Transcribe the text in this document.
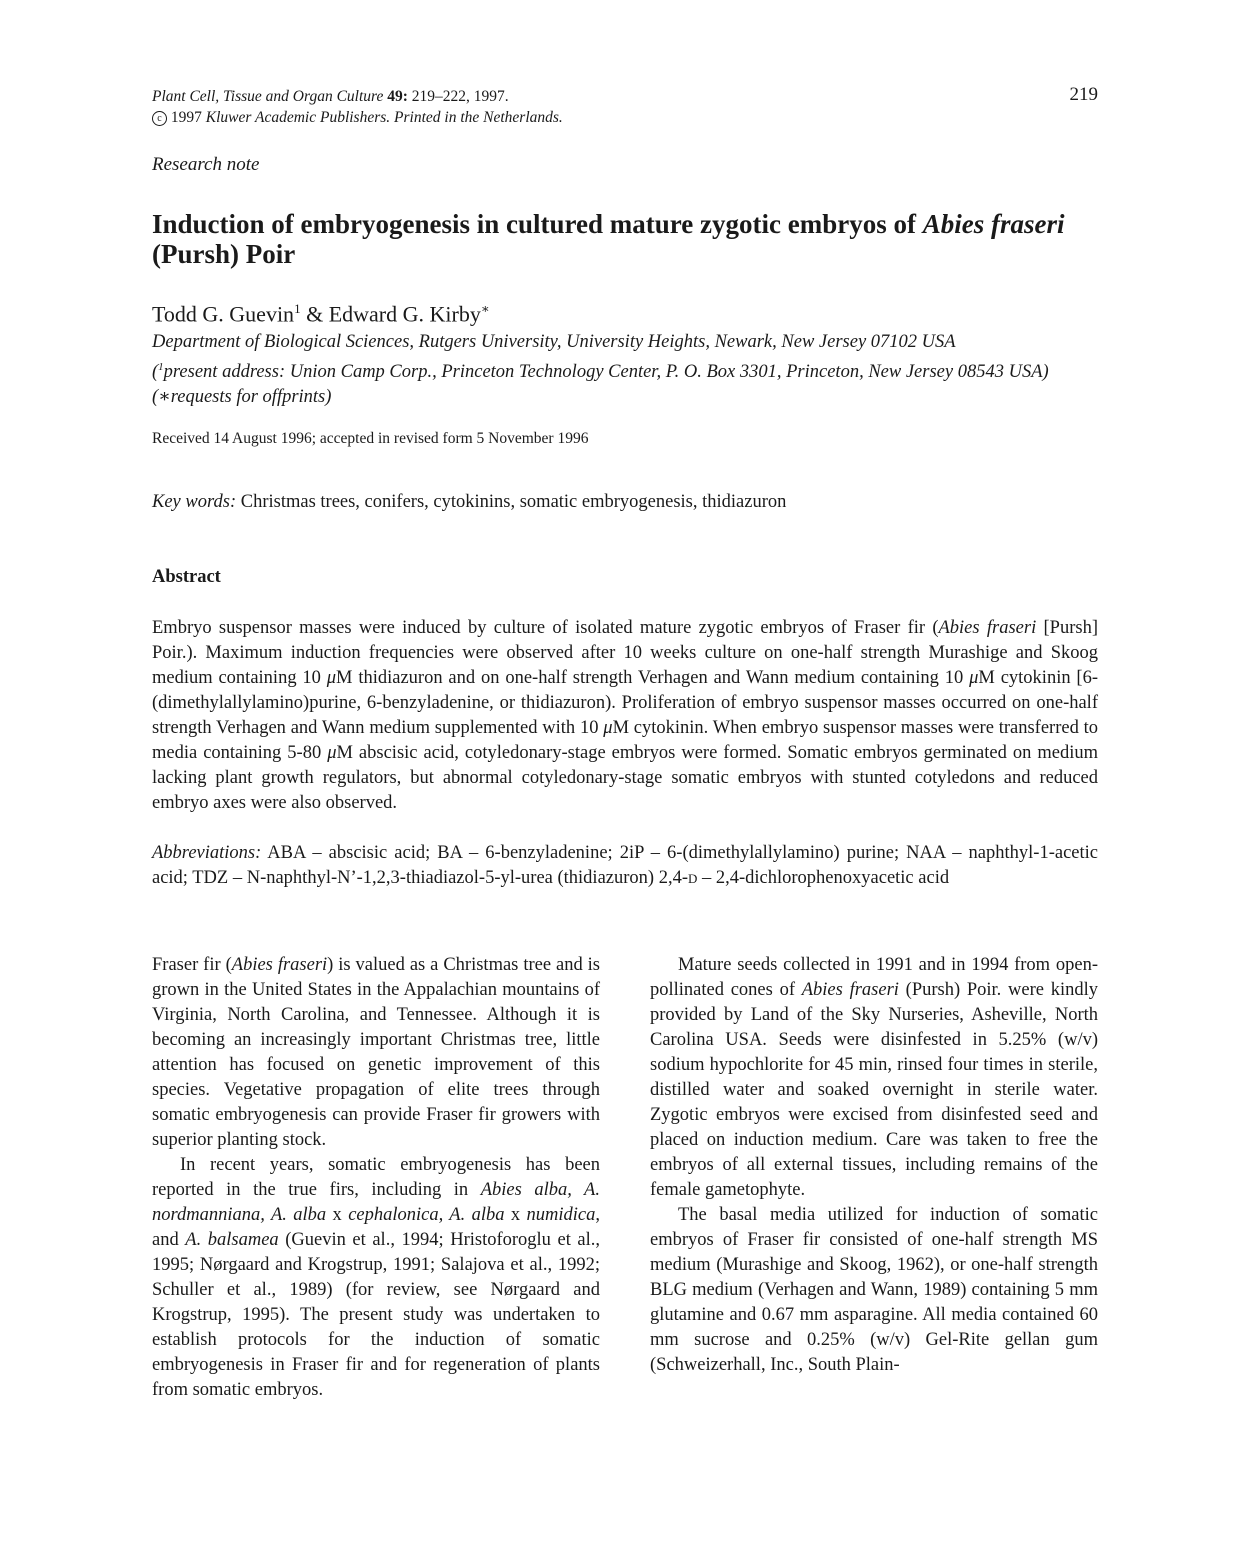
Plant Cell, Tissue and Organ Culture 49: 219–222, 1997.
c 1997 Kluwer Academic Publishers. Printed in the Netherlands.
219
Research note
Induction of embryogenesis in cultured mature zygotic embryos of Abies fraseri (Pursh) Poir
Todd G. Guevin$^1$ & Edward G. Kirby∗
Department of Biological Sciences, Rutgers University, University Heights, Newark, New Jersey 07102 USA
($^1$present address: Union Camp Corp., Princeton Technology Center, P. O. Box 3301, Princeton, New Jersey 08543 USA) (∗requests for offprints)
Received 14 August 1996; accepted in revised form 5 November 1996
Key words: Christmas trees, conifers, cytokinins, somatic embryogenesis, thidiazuron
Abstract

Embryo suspensor masses were induced by culture of isolated mature zygotic embryos of Fraser fir (Abies fraseri [Pursh] Poir.). Maximum induction frequencies were observed after 10 weeks culture on one-half strength Murashige and Skoog medium containing 10 μM thidiazuron and on one-half strength Verhagen and Wann medium containing 10 μM cytokinin [6-(dimethylallylamino)purine, 6-benzyladenine, or thidiazuron). Proliferation of embryo suspensor masses occurred on one-half strength Verhagen and Wann medium supplemented with 10 μM cytokinin. When embryo suspensor masses were transferred to media containing 5-80 μM abscisic acid, cotyledonary-stage embryos were formed. Somatic embryos germinated on medium lacking plant growth regulators, but abnormal cotyledonary-stage somatic embryos with stunted cotyledons and reduced embryo axes were also observed.

Abbreviations: ABA – abscisic acid; BA – 6-benzyladenine; 2iP – 6-(dimethylallylamino) purine; NAA – naphthyl-1-acetic acid; TDZ – N-naphthyl-N’-1,2,3-thiadiazol-5-yl-urea (thidiazuron) 2,4-d – 2,4-dichlorophenoxyacetic acid

Fraser fir (Abies fraseri) is valued as a Christmas tree and is grown in the United States in the Appalachian mountains of Virginia, North Carolina, and Tennessee. Although it is becoming an increasingly important Christmas tree, little attention has focused on genetic improvement of this species. Vegetative propagation of elite trees through somatic embryogenesis can provide Fraser fir growers with superior planting stock.

In recent years, somatic embryogenesis has been reported in the true firs, including in Abies alba, A. nordmanniana, A. alba x cephalonica, A. alba x numidica, and A. balsamea (Guevin et al., 1994; Hristoforoglu et al., 1995; Nørgaard and Krogstrup, 1991; Salajova et al., 1992; Schuller et al., 1989) (for review, see Nørgaard and Krogstrup, 1995). The present study was undertaken to establish protocols for the induction of somatic embryogenesis in Fraser fir and for regeneration of plants from somatic embryos.

Mature seeds collected in 1991 and in 1994 from open-pollinated cones of Abies fraseri (Pursh) Poir. were kindly provided by Land of the Sky Nurseries, Asheville, North Carolina USA. Seeds were disinfested in 5.25% (w/v) sodium hypochlorite for 45 min, rinsed four times in sterile, distilled water and soaked overnight in sterile water. Zygotic embryos were excised from disinfested seed and placed on induction medium. Care was taken to free the embryos of all external tissues, including remains of the female gametophyte.

The basal media utilized for induction of somatic embryos of Fraser fir consisted of one-half strength MS medium (Murashige and Skoog, 1962), or one-half strength BLG medium (Verhagen and Wann, 1989) containing 5 mm glutamine and 0.67 mm asparagine. All media contained 60 mm sucrose and 0.25% (w/v) Gel-Rite gellan gum (Schweizerhall, Inc., South Plain-
